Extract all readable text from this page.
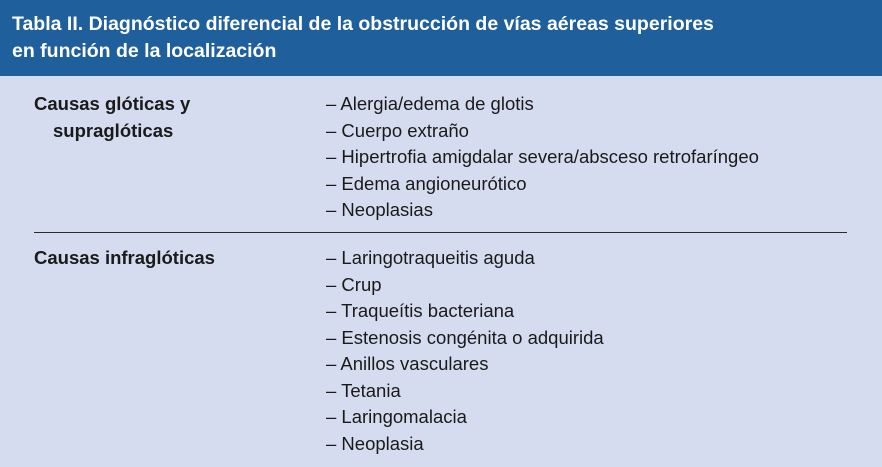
Tabla II. Diagnóstico diferencial de la obstrucción de vías aéreas superiores
en función de la localización
Causas glóticas y
supraglóticas
– Alergia/edema de glotis
– Cuerpo extraño
– Hipertrofia amigdalar severa/absceso retrofaríngeo
– Edema angioneurótico
– Neoplasias
Causas infraglóticas	– Laringotraqueitis aguda
– Crup
– Traqueítis bacteriana
– Estenosis congénita o adquirida
– Anillos vasculares
– Tetania
– Laringomalacia
– Neoplasia
